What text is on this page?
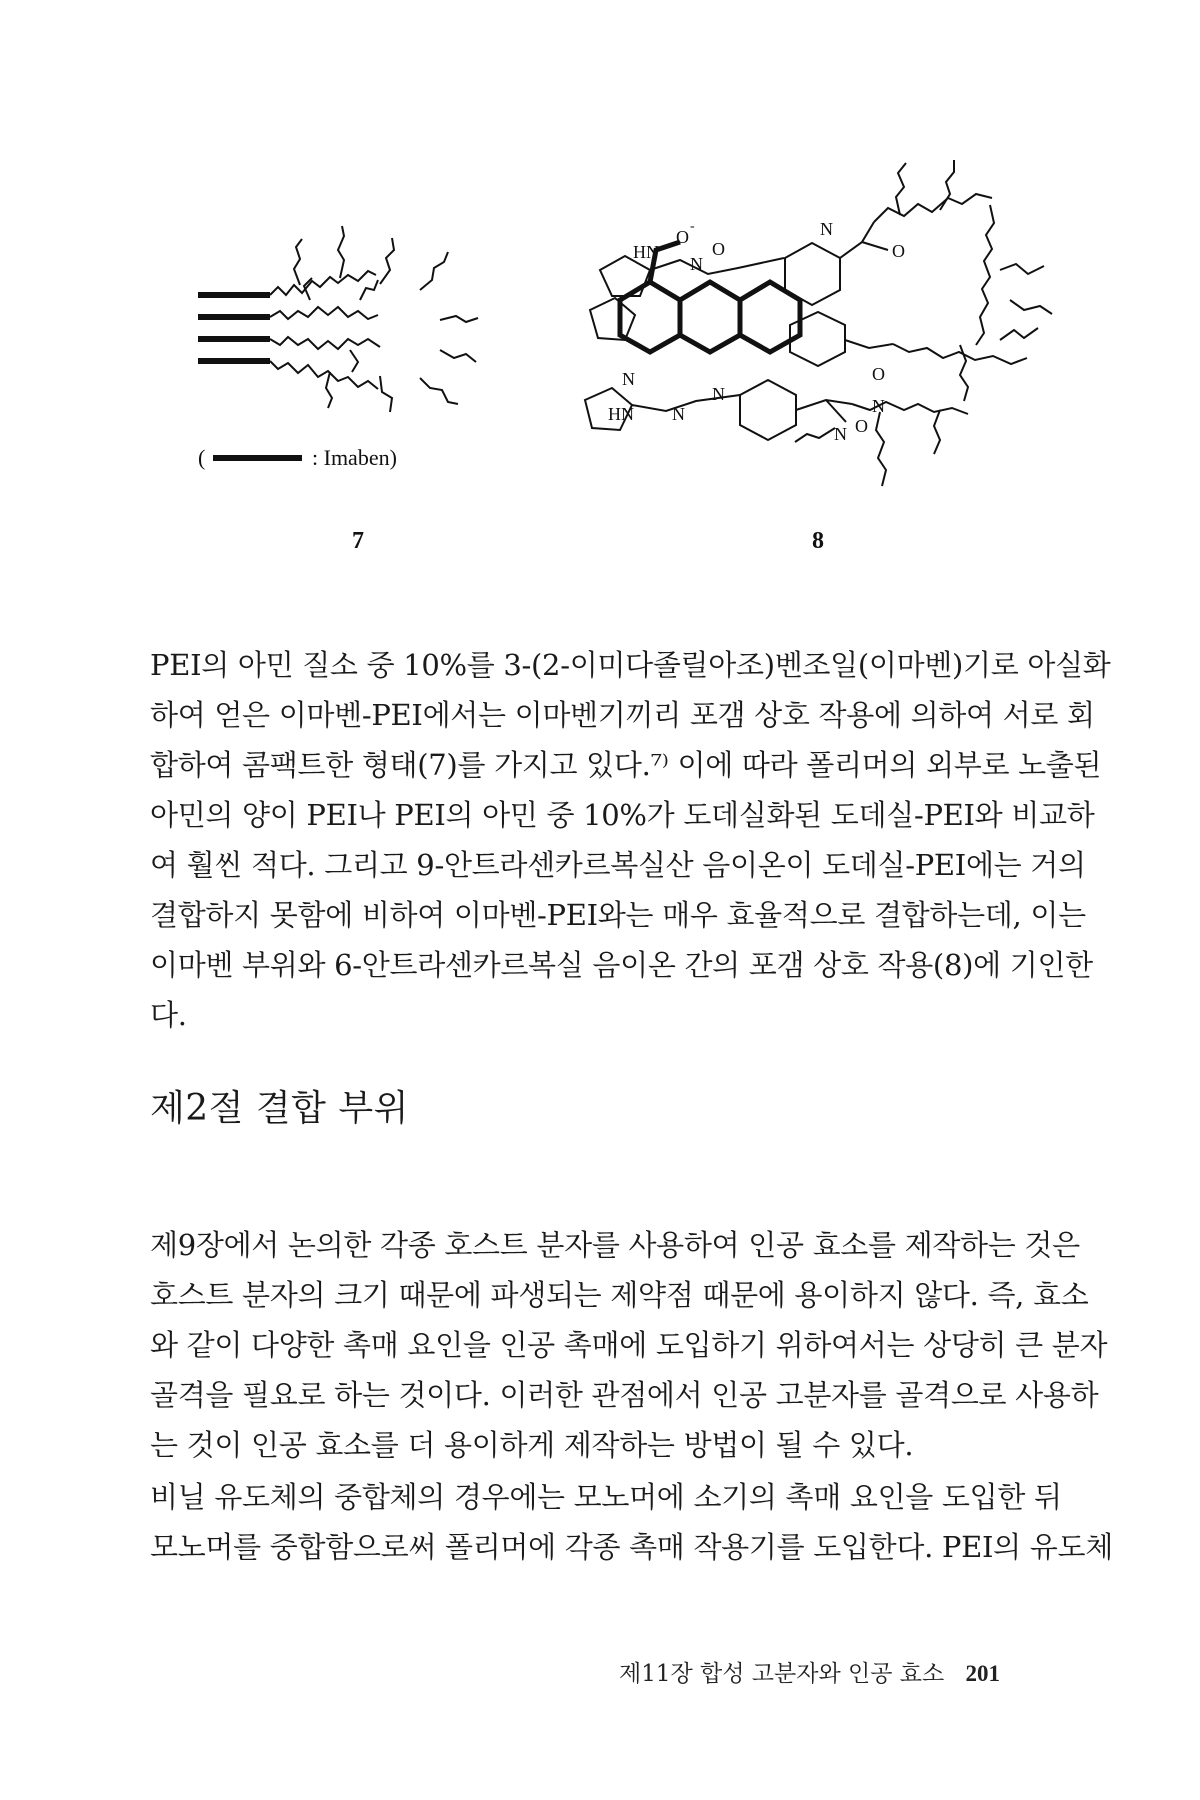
(	: Imaben)
O
-
O
HN
N
N
O
O
N
O
N
HN N
N
N
7	8
PEI의 아민 질소 중 10%를 3-(2-이미다졸릴아조)벤조일(이마벤)기로 아실화
하여 얻은 이마벤-PEI에서는 이마벤기끼리 포갬 상호 작용에 의하여 서로 회
합하여 콤팩트한 형태(7)를 가지고 있다.⁷⁾ 이에 따라 폴리머의 외부로 노출된
아민의 양이 PEI나 PEI의 아민 중 10%가 도데실화된 도데실-PEI와 비교하
여 훨씬 적다. 그리고 9-안트라센카르복실산 음이온이 도데실-PEI에는 거의
결합하지 못함에 비하여 이마벤-PEI와는 매우 효율적으로 결합하는데, 이는
이마벤 부위와 6-안트라센카르복실 음이온 간의 포갬 상호 작용(8)에 기인한
다.
제2절 결합 부위
제9장에서 논의한 각종 호스트 분자를 사용하여 인공 효소를 제작하는 것은
호스트 분자의 크기 때문에 파생되는 제약점 때문에 용이하지 않다. 즉, 효소
와 같이 다양한 촉매 요인을 인공 촉매에 도입하기 위하여서는 상당히 큰 분자
골격을 필요로 하는 것이다. 이러한 관점에서 인공 고분자를 골격으로 사용하
는 것이 인공 효소를 더 용이하게 제작하는 방법이 될 수 있다.
비닐 유도체의 중합체의 경우에는 모노머에 소기의 촉매 요인을 도입한 뒤
모노머를 중합함으로써 폴리머에 각종 촉매 작용기를 도입한다. PEI의 유도체
제11장 합성 고분자와 인공 효소 201
